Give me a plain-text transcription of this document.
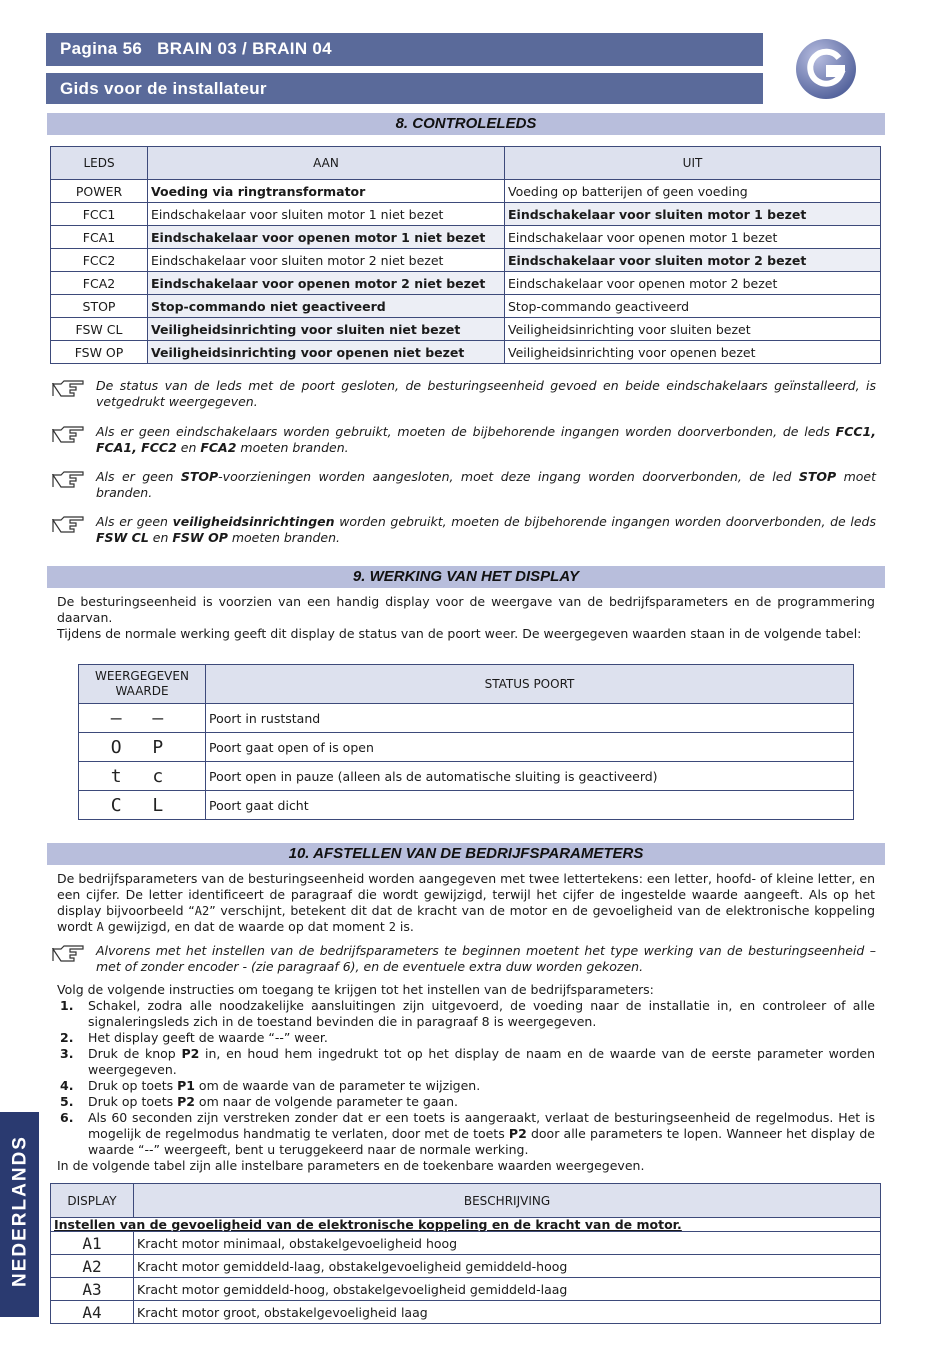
Pagina 56   BRAIN 03 / BRAIN 04
Gids voor de installateur
8. CONTROLELEDS
LEDS	AAN	UIT
POWER	Voeding via ringtransformator	Voeding op batterijen of geen voeding
FCC1	Eindschakelaar voor sluiten motor 1 niet bezet	Eindschakelaar voor sluiten motor 1 bezet
FCA1	Eindschakelaar voor openen motor 1 niet bezet	Eindschakelaar voor openen motor 1 bezet
FCC2	Eindschakelaar voor sluiten motor 2 niet bezet	Eindschakelaar voor sluiten motor 2 bezet
FCA2	Eindschakelaar voor openen motor 2 niet bezet	Eindschakelaar voor openen motor 2 bezet
STOP	Stop-commando niet geactiveerd	Stop-commando geactiveerd
FSW CL	Veiligheidsinrichting voor sluiten niet bezet	Veiligheidsinrichting voor sluiten bezet
FSW OP	Veiligheidsinrichting voor openen niet bezet	Veiligheidsinrichting voor openen bezet
De status van de leds met de poort gesloten, de besturingseenheid gevoed en beide eindschakelaars geïnstalleerd, is vetgedrukt weergegeven.
Als er geen eindschakelaars worden gebruikt, moeten de bijbehorende ingangen worden doorverbonden, de leds FCC1, FCA1, FCC2 en FCA2 moeten branden.
Als er geen STOP-voorzieningen worden aangesloten, moet deze ingang worden doorverbonden, de led STOP moet branden.
Als er geen veiligheidsinrichtingen worden gebruikt, moeten de bijbehorende ingangen worden doorverbonden, de leds FSW CL en FSW OP moeten branden.
9. WERKING VAN HET DISPLAY
De besturingseenheid is voorzien van een handig display voor de weergave van de bedrijfsparameters en de programmering daarvan.
Tijdens de normale werking geeft dit display de status van de poort weer. De weergegeven waarden staan in de volgende tabel:
WEERGEGEVEN WAARDE	STATUS POORT
– –	Poort in ruststand
O P	Poort gaat open of is open
t c	Poort open in pauze (alleen als de automatische sluiting is geactiveerd)
C L	Poort gaat dicht
10. AFSTELLEN VAN DE BEDRIJFSPARAMETERS
De bedrijfsparameters van de besturingseenheid worden aangegeven met twee lettertekens: een letter, hoofd- of kleine letter, en een cijfer. De letter identificeert de paragraaf die wordt gewijzigd, terwijl het cijfer de ingestelde waarde aangeeft. Als op het display bijvoorbeeld “A2” verschijnt, betekent dit dat de kracht van de motor en de gevoeligheid van de elektronische koppeling wordt A gewijzigd, en dat de waarde op dat moment 2 is.
Alvorens met het instellen van de bedrijfsparameters te beginnen moetent het type werking van de besturingseenheid – met of zonder encoder - (zie paragraaf 6), en de eventuele extra duw worden gekozen.
Volg de volgende instructies om toegang te krijgen tot het instellen van de bedrijfsparameters:
1. Schakel, zodra alle noodzakelijke aansluitingen zijn uitgevoerd, de voeding naar de installatie in, en controleer of alle signaleringsleds zich in de toestand bevinden die in paragraaf 8 is weergegeven.
2. Het display geeft de waarde “--” weer.
3. Druk de knop P2 in, en houd hem ingedrukt tot op het display de naam en de waarde van de eerste parameter worden weergegeven.
4. Druk op toets P1 om de waarde van de parameter te wijzigen.
5. Druk op toets P2 om naar de volgende parameter te gaan.
6. Als 60 seconden zijn verstreken zonder dat er een toets is aangeraakt, verlaat de besturingseenheid de regelmodus. Het is mogelijk de regelmodus handmatig te verlaten, door met de toets P2 door alle parameters te lopen. Wanneer het display de waarde “--” weergeeft, bent u teruggekeerd naar de normale werking.
In de volgende tabel zijn alle instelbare parameters en de toekenbare waarden weergegeven.
DISPLAY	BESCHRIJVING
Instellen van de gevoeligheid van de elektronische koppeling en de kracht van de motor.	
A1	Kracht motor minimaal, obstakelgevoeligheid hoog
A2	Kracht motor gemiddeld-laag, obstakelgevoeligheid gemiddeld-hoog
A3	Kracht motor gemiddeld-hoog, obstakelgevoeligheid gemiddeld-laag
A4	Kracht motor groot, obstakelgevoeligheid laag
NEDERLANDS
